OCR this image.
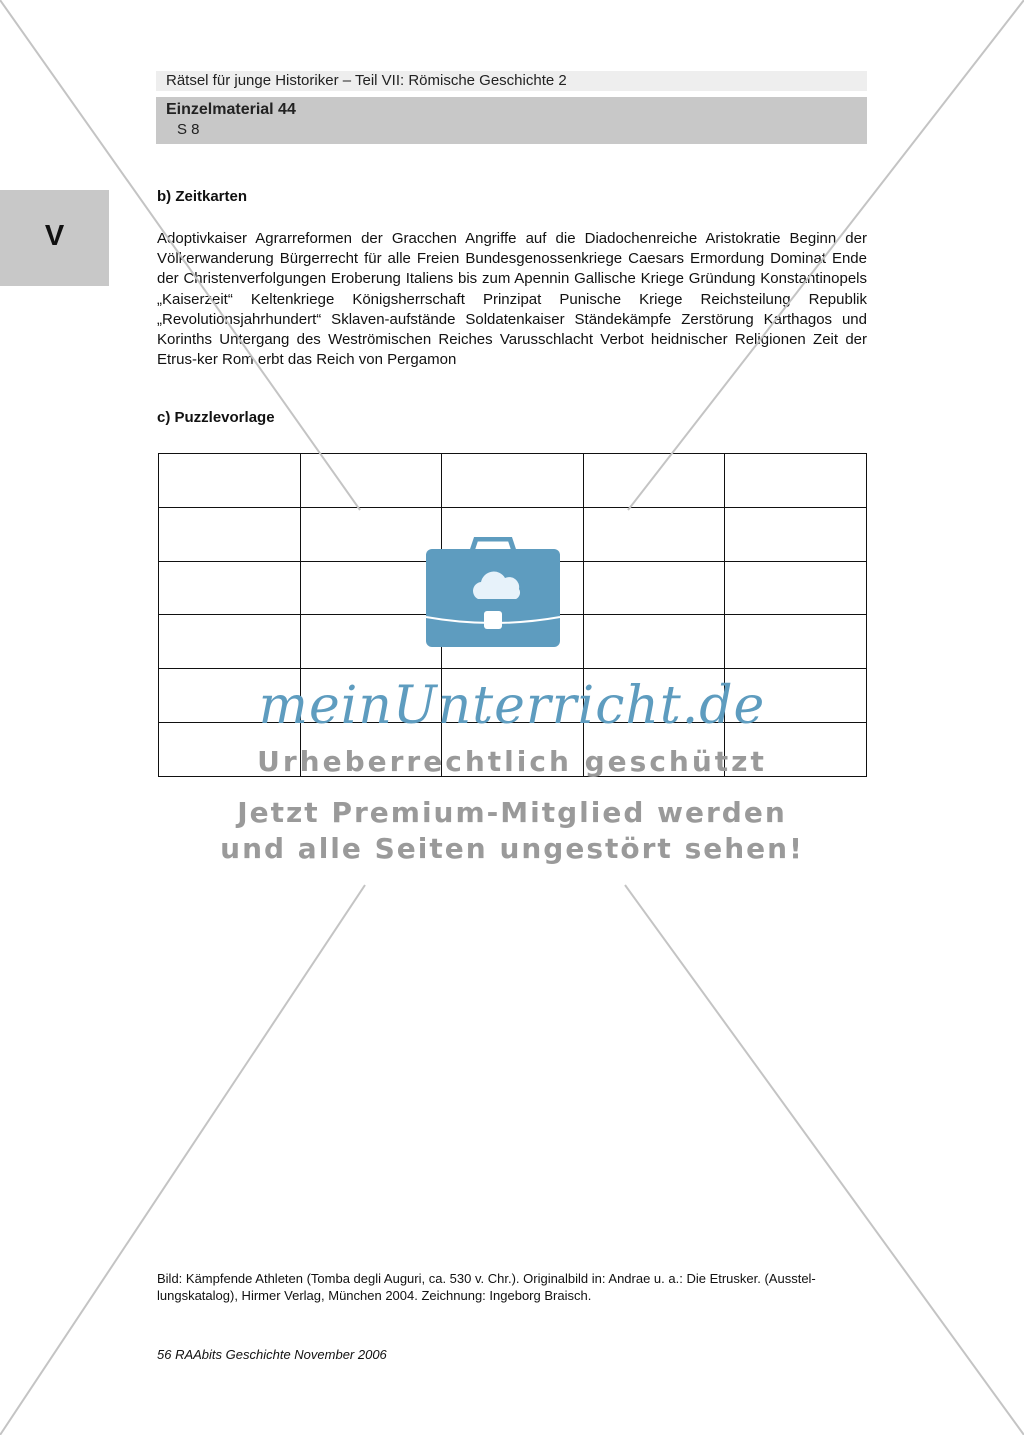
Rätsel für junge Historiker – Teil VII: Römische Geschichte 2
Einzelmaterial 44
S 8
V
b) Zeitkarten
Adoptivkaiser Agrarreformen der Gracchen Angriffe auf die Diadochenreiche Aristokratie Beginn der Völkerwanderung Bürgerrecht für alle Freien Bundesgenossenkriege Caesars Ermordung Dominat Ende der Christenverfolgungen Eroberung Italiens bis zum Apennin Gallische Kriege Gründung Konstantinopels „Kaiserzeit“ Keltenkriege Königsherrschaft Prinzipat Punische Kriege Reichsteilung Republik „Revolutionsjahrhundert“ Sklaven-aufstände Soldatenkaiser Ständekämpfe Zerstörung Karthagos und Korinths Untergang des Weströmischen Reiches Varusschlacht Verbot heidnischer Religionen Zeit der Etrus-ker Rom erbt das Reich von Pergamon
c) Puzzlevorlage

meinUnterricht.de
Urheberrechtlich geschützt
Jetzt Premium-Mitglied werden
und alle Seiten ungestört sehen!
Bild: Kämpfende Athleten (Tomba degli Auguri, ca. 530 v. Chr.). Originalbild in: Andrae u. a.: Die Etrusker. (Ausstel-lungskatalog), Hirmer Verlag, München 2004. Zeichnung: Ingeborg Braisch.
56 RAAbits Geschichte November 2006
